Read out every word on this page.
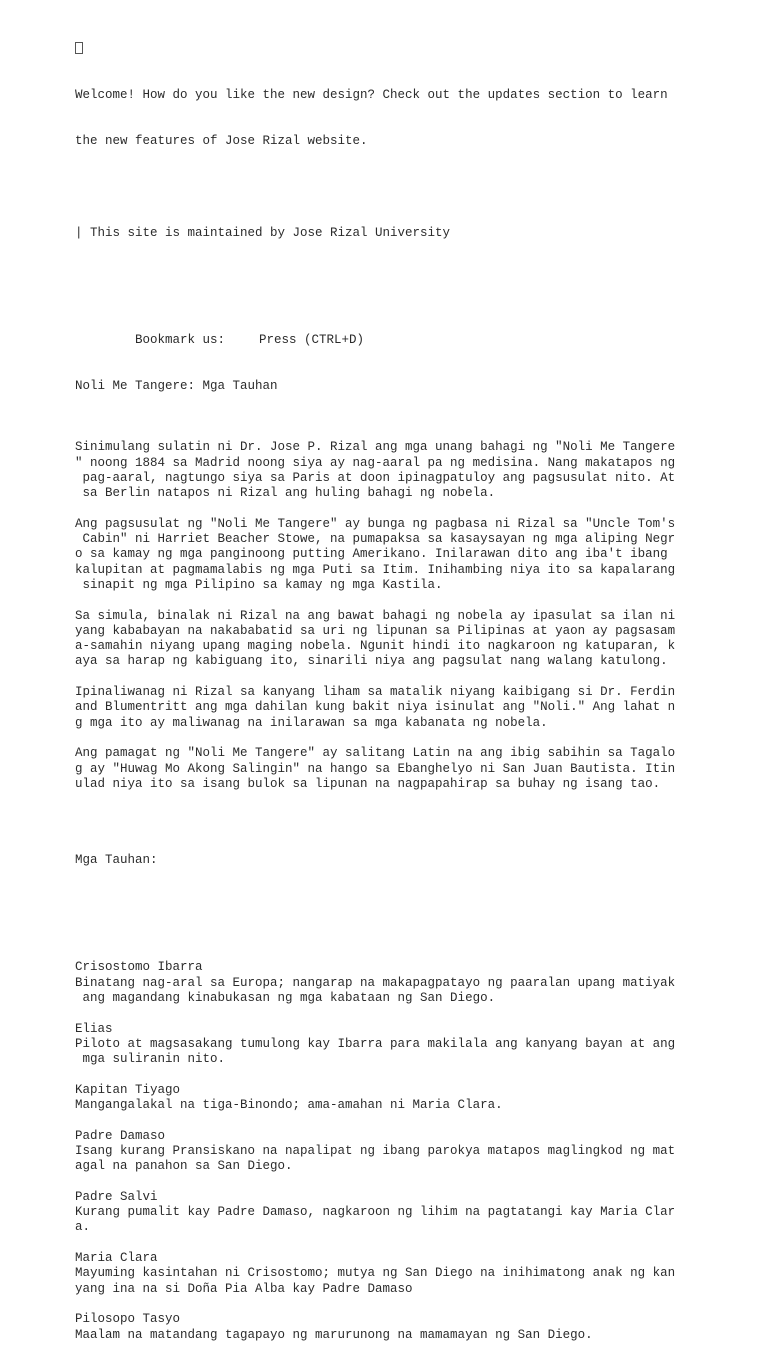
Welcome! How do you like the new design? Check out the updates section to learn

the new features of Jose Rizal website.

| This site is maintained by Jose Rizal University

Bookmark us:	Press (CTRL+D)

Noli Me Tangere: Mga Tauhan

Sinimulang sulatin ni Dr. Jose P. Rizal ang mga unang bahagi ng "Noli Me Tangere
" noong 1884 sa Madrid noong siya ay nag-aaral pa ng medisina. Nang makatapos ng
pag-aaral, nagtungo siya sa Paris at doon ipinagpatuloy ang pagsusulat nito. At
sa Berlin natapos ni Rizal ang huling bahagi ng nobela.
Ang pagsusulat ng "Noli Me Tangere" ay bunga ng pagbasa ni Rizal sa "Uncle Tom's
Cabin" ni Harriet Beacher Stowe, na pumapaksa sa kasaysayan ng mga aliping Negr
o sa kamay ng mga panginoong putting Amerikano. Inilarawan dito ang iba't ibang
kalupitan at pagmamalabis ng mga Puti sa Itim. Inihambing niya ito sa kapalarang
sinapit ng mga Pilipino sa kamay ng mga Kastila.
Sa simula, binalak ni Rizal na ang bawat bahagi ng nobela ay ipasulat sa ilan ni
yang kababayan na nakababatid sa uri ng lipunan sa Pilipinas at yaon ay pagsasam
a-samahin niyang upang maging nobela. Ngunit hindi ito nagkaroon ng katuparan, k
aya sa harap ng kabiguang ito, sinarili niya ang pagsulat nang walang katulong.
Ipinaliwanag ni Rizal sa kanyang liham sa matalik niyang kaibigang si Dr. Ferdin
and Blumentritt ang mga dahilan kung bakit niya isinulat ang "Noli." Ang lahat n
g mga ito ay maliwanag na inilarawan sa mga kabanata ng nobela.
Ang pamagat ng "Noli Me Tangere" ay salitang Latin na ang ibig sabihin sa Tagalo
g ay "Huwag Mo Akong Salingin" na hango sa Ebanghelyo ni San Juan Bautista. Itin
ulad niya ito sa isang bulok sa lipunan na nagpapahirap sa buhay ng isang tao.

Mga Tauhan:

Crisostomo Ibarra
Binatang nag-aral sa Europa; nangarap na makapagpatayo ng paaralan upang matiyak
ang magandang kinabukasan ng mga kabataan ng San Diego.
Elias
Piloto at magsasakang tumulong kay Ibarra para makilala ang kanyang bayan at ang
mga suliranin nito.
Kapitan Tiyago
Mangangalakal na tiga-Binondo; ama-amahan ni Maria Clara.
Padre Damaso
Isang kurang Pransiskano na napalipat ng ibang parokya matapos maglingkod ng mat
agal na panahon sa San Diego.
Padre Salvi
Kurang pumalit kay Padre Damaso, nagkaroon ng lihim na pagtatangi kay Maria Clar
a.
Maria Clara
Mayuming kasintahan ni Crisostomo; mutya ng San Diego na inihimatong anak ng kan
yang ina na si Doña Pia Alba kay Padre Damaso
Pilosopo Tasyo
Maalam na matandang tagapayo ng marurunong na mamamayan ng San Diego.
